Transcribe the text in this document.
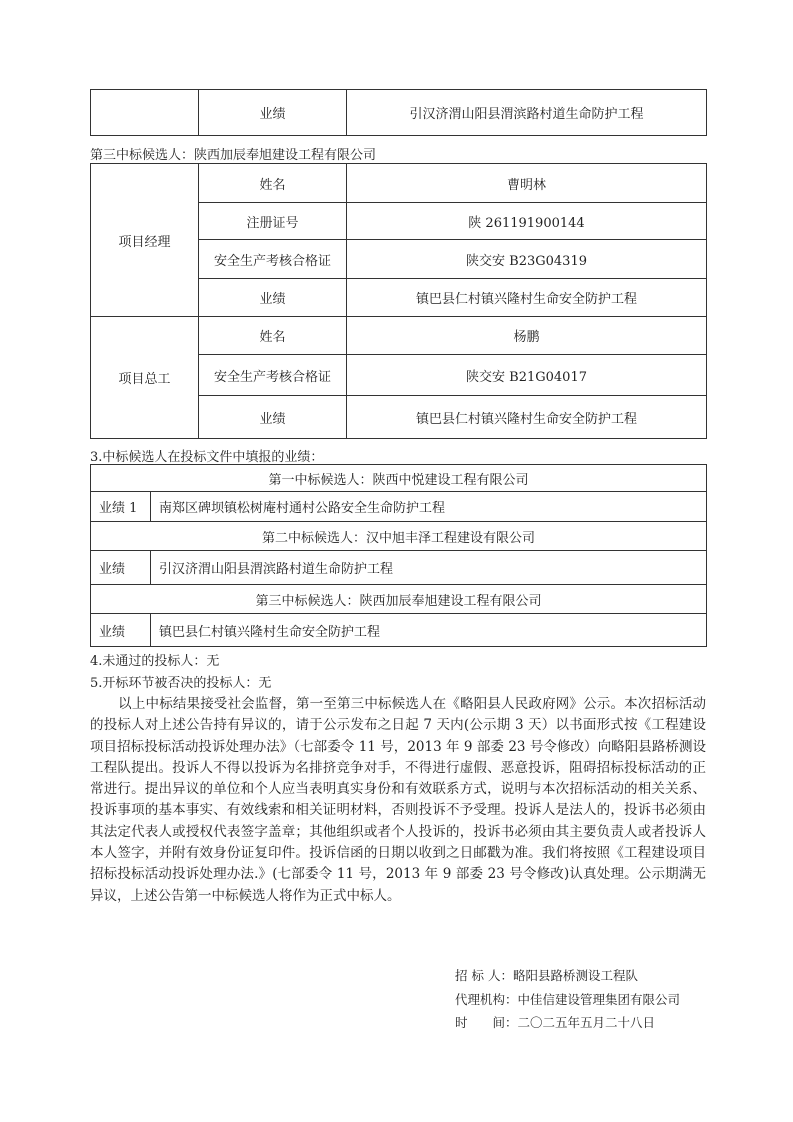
	业绩	引汉济渭山阳县渭滨路村道生命防护工程
第三中标候选人：陕西加辰奉旭建设工程有限公司
项目经理	姓名	曹明林
	注册证号	陕 261191900144
	安全生产考核合格证	陕交安 B23G04319
	业绩	镇巴县仁村镇兴隆村生命安全防护工程
项目总工	姓名	杨鹏
	安全生产考核合格证	陕交安 B21G04017
	业绩	镇巴县仁村镇兴隆村生命安全防护工程
3.中标候选人在投标文件中填报的业绩：
第一中标候选人：陕西中悦建设工程有限公司	
业绩 1	南郑区碑坝镇松树庵村通村公路安全生命防护工程
第二中标候选人：汉中旭丰泽工程建设有限公司	
业绩	引汉济渭山阳县渭滨路村道生命防护工程
第三中标候选人：陕西加辰奉旭建设工程有限公司	
业绩	镇巴县仁村镇兴隆村生命安全防护工程
4.未通过的投标人：无
5.开标环节被否决的投标人：无

以上中标结果接受社会监督，第一至第三中标候选人在《略阳县人民政府网》公示。本次招标活动的投标人对上述公告持有异议的，请于公示发布之日起 7 天内(公示期 3 天）以书面形式按《工程建设项目招标投标活动投诉处理办法》（七部委令 11 号，2013 年 9 部委 23 号令修改）向略阳县路桥测设工程队提出。投诉人不得以投诉为名排挤竞争对手，不得进行虚假、恶意投诉，阻碍招标投标活动的正常进行。提出异议的单位和个人应当表明真实身份和有效联系方式，说明与本次招标活动的相关关系、投诉事项的基本事实、有效线索和相关证明材料，否则投诉不予受理。投诉人是法人的，投诉书必须由其法定代表人或授权代表签字盖章；其他组织或者个人投诉的，投诉书必须由其主要负责人或者投诉人本人签字，并附有效身份证复印件。投诉信函的日期以收到之日邮戳为准。我们将按照《工程建设项目招标投标活动投诉处理办法.》(七部委令 11 号，2013 年 9 部委 23 号令修改)认真处理。公示期满无异议，上述公告第一中标候选人将作为正式中标人。

招 标 人：略阳县路桥测设工程队
代理机构：中佳信建设管理集团有限公司
时　　间：二〇二五年五月二十八日
